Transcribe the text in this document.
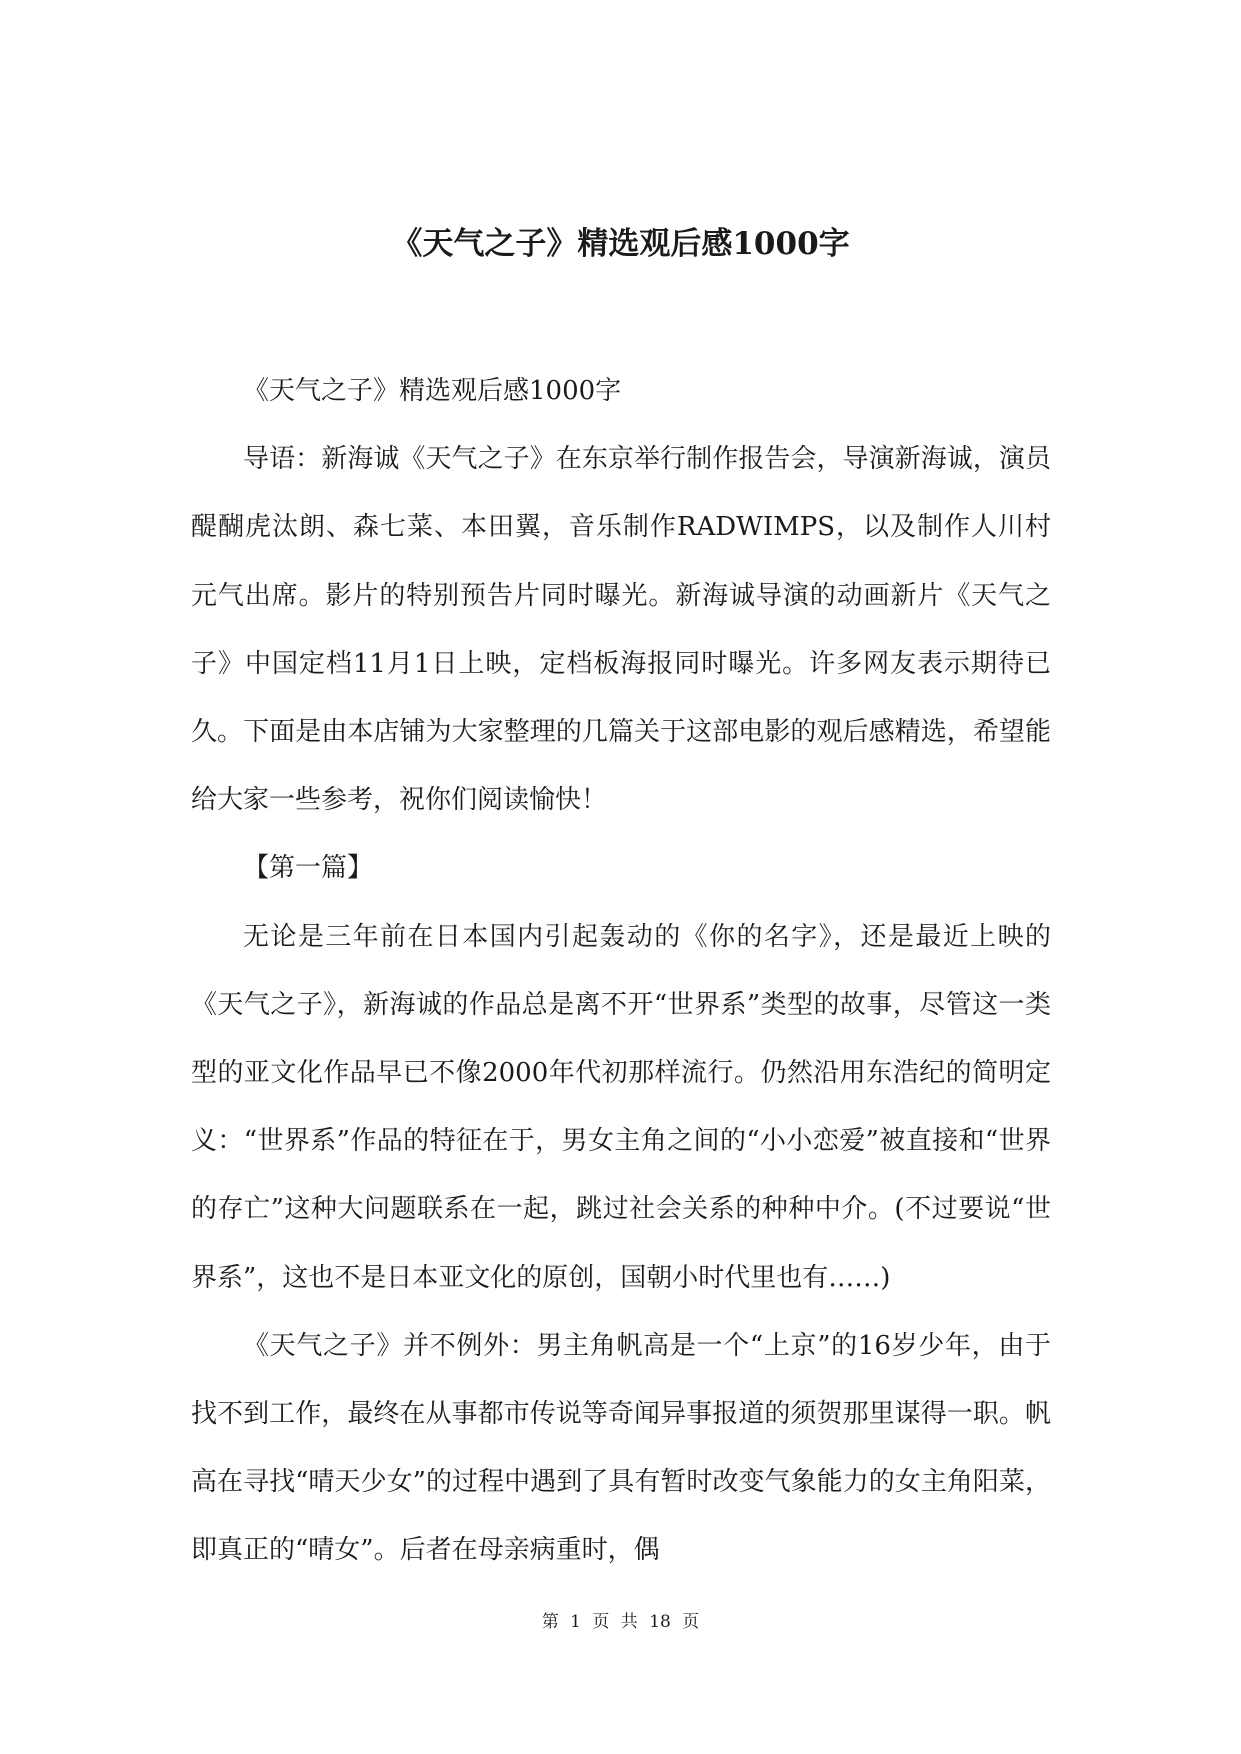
《天气之子》精选观后感1000字

《天气之子》精选观后感1000字

导语：新海诚《天气之子》在东京举行制作报告会，导演新海诚，演员醍醐虎汰朗、森七菜、本田翼，音乐制作RADWIMPS，以及制作人川村元气出席。影片的特别预告片同时曝光。新海诚导演的动画新片《天气之子》中国定档11月1日上映，定档板海报同时曝光。许多网友表示期待已久。下面是由本店铺为大家整理的几篇关于这部电影的观后感精选，希望能给大家一些参考，祝你们阅读愉快！

【第一篇】

无论是三年前在日本国内引起轰动的《你的名字》，还是最近上映的《天气之子》，新海诚的作品总是离不开“世界系”类型的故事，尽管这一类型的亚文化作品早已不像2000年代初那样流行。仍然沿用东浩纪的简明定义：“世界系”作品的特征在于，男女主角之间的“小小恋爱”被直接和“世界的存亡”这种大问题联系在一起，跳过社会关系的种种中介。(不过要说“世界系”，这也不是日本亚文化的原创，国朝小时代里也有……)

《天气之子》并不例外：男主角帆高是一个“上京”的16岁少年，由于找不到工作，最终在从事都市传说等奇闻异事报道的须贺那里谋得一职。帆高在寻找“晴天少女”的过程中遇到了具有暂时改变气象能力的女主角阳菜，即真正的“晴女”。后者在母亲病重时，偶

第 1 页 共 18 页
